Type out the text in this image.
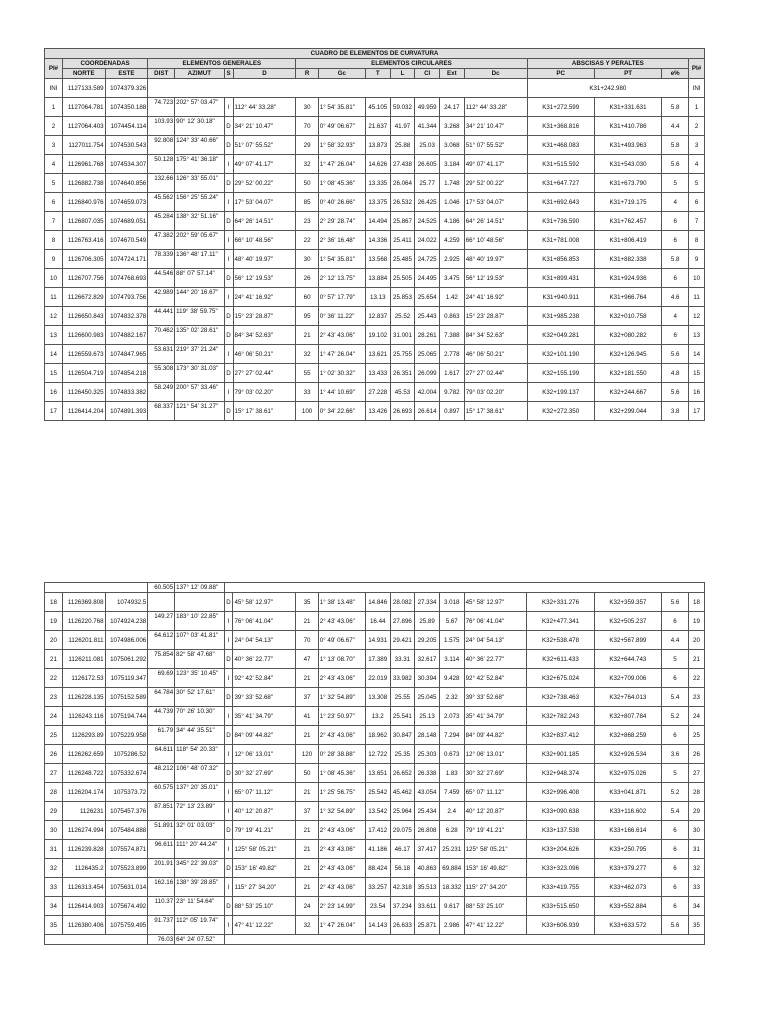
CUADRO DE ELEMENTOS DE CURVATURA																	
PI#	COORDENADAS		ELEMENTOS GENERALES				ELEMENTOS CIRCULARES							ABSCISAS Y PERALTES			PI#
	NORTE	ESTE	DIST	AZIMUT	S	D	R	Gc	T	L	Cl	Ext	Dc	PC	PT	e%	
INI	1127133.589	1074379.326												K31+242.980			INI
1	1127064.781	1074350.188	74.723	202° 57' 03.47"	I	112° 44' 33.28"	30	1° 54' 35.81"	45.105	59.032	49.959	24.17	112° 44' 33.28"	K31+272.599	K31+331.631	5.8	1
2	1127064.403	1074454.114	103.93	90° 12' 30.18"	D	34° 21' 10.47"	70	0° 49' 06.67"	21.637	41.97	41.344	3.268	34° 21' 10.47"	K31+368.816	K31+410.786	4.4	2
3	1127011.754	1074530.543	92.808	124° 33' 40.66"	D	51° 07' 55.52"	29	1° 58' 32.93"	13.873	25.88	25.03	3.068	51° 07' 55.52"	K31+468.083	K31+493.963	5.8	3
4	1126961.768	1074534.307	50.128	175° 41' 36.18"	I	49° 07' 41.17"	32	1° 47' 26.04"	14.626	27.438	26.605	3.184	49° 07' 41.17"	K31+515.592	K31+543.030	5.6	4
5	1126882.738	1074640.856	132.66	126° 33' 55.01"	D	29° 52' 00.22"	50	1° 08' 45.36"	13.335	26.064	25.77	1.748	29° 52' 00.22"	K31+647.727	K31+673.790	5	5
6	1126840.976	1074659.073	45.562	156° 25' 55.24"	I	17° 53' 04.07"	85	0° 40' 26.66"	13.375	26.532	26.425	1.046	17° 53' 04.07"	K31+692.643	K31+719.175	4	6
7	1126807.035	1074689.051	45.284	138° 32' 51.16"	D	64° 26' 14.51"	23	2° 29' 28.74"	14.494	25.867	24.525	4.186	64° 26' 14.51"	K31+736.590	K31+762.457	6	7
8	1126763.416	1074670.549	47.382	202° 59' 05.67"	I	66° 10' 48.56"	22	2° 36' 16.48"	14.336	25.411	24.022	4.259	66° 10' 48.56"	K31+781.008	K31+806.419	6	8
9	1126706.305	1074724.171	78.339	136° 48' 17.11"	I	48° 40' 19.97"	30	1° 54' 35.81"	13.568	25.485	24.725	2.925	48° 40' 19.97"	K31+856.853	K31+882.338	5.8	9
10	1126707.756	1074768.693	44.546	88° 07' 57.14"	D	56° 12' 19.53"	26	2° 12' 13.75"	13.884	25.505	24.495	3.475	56° 12' 19.53"	K31+899.431	K31+924.936	6	10
11	1126672.829	1074793.756	42.989	144° 20' 16.67"	I	24° 41' 16.92"	60	0° 57' 17.79"	13.13	25.853	25.654	1.42	24° 41' 16.92"	K31+940.911	K31+966.764	4.6	11
12	1126650.843	1074832.378	44.441	119° 38' 59.75"	D	15° 23' 28.87"	95	0° 36' 11.22"	12.837	25.52	25.443	0.863	15° 23' 28.87"	K31+985.238	K32+010.758	4	12
13	1126600.983	1074882.167	70.462	135° 02' 28.61"	D	84° 34' 52.63"	21	2° 43' 43.06"	19.102	31.001	28.261	7.388	84° 34' 52.63"	K32+049.281	K32+080.282	6	13
14	1126559.673	1074847.965	53.631	219° 37' 21.24"	I	46° 06' 50.21"	32	1° 47' 26.04"	13.621	25.755	25.065	2.778	46° 06' 50.21"	K32+101.190	K32+126.945	5.6	14
15	1126504.719	1074854.218	55.308	173° 30' 31.03"	D	27° 27' 02.44"	55	1° 02' 30.32"	13.433	26.351	26.099	1.617	27° 27' 02.44"	K32+155.199	K32+181.550	4.8	15
16	1126450.325	1074833.382	58.249	200° 57' 33.46"	I	79° 03' 02.20"	33	1° 44' 10.69"	27.228	45.53	42.004	9.782	79° 03' 02.20"	K32+199.137	K32+244.667	5.6	16
17	1126414.204	1074891.393	68.337	121° 54' 31.27"	D	15° 17' 38.61"	100	0° 34' 22.66"	13.426	26.693	26.614	0.897	15° 17' 38.61"	K32+272.350	K32+299.044	3.8	17
			60.505	137° 12' 09.88"													
18	1126369.808	1074932.5			D	45° 58' 12.97"	35	1° 38' 13.48"	14.846	28.082	27.334	3.018	45° 58' 12.97"	K32+331.276	K32+359.357	5.6	18
19	1126220.768	1074924.238	149.27	183° 10' 22.85"	I	76° 06' 41.04"	21	2° 43' 43.06"	16.44	27.896	25.89	5.67	76° 06' 41.04"	K32+477.341	K32+505.237	6	19
20	1126201.811	1074986.006	64.612	107° 03' 41.81"	I	24° 04' 54.13"	70	0° 49' 06.67"	14.931	29.421	29.205	1.575	24° 04' 54.13"	K32+538.478	K32+567.899	4.4	20
21	1126211.081	1075061.292	75.854	82° 58' 47.68"	D	40° 36' 22.77"	47	1° 13' 08.70"	17.389	33.31	32.617	3.114	40° 36' 22.77"	K32+611.433	K32+644.743	5	21
22	1126172.53	1075119.347	69.69	123° 35' 10.45"	I	92° 42' 52.84"	21	2° 43' 43.06"	22.019	33.982	30.394	9.428	92° 42' 52.84"	K32+675.024	K32+709.006	6	22
23	1126228.135	1075152.589	64.784	30° 52' 17.61"	D	39° 33' 52.68"	37	1° 32' 54.89"	13.308	25.55	25.045	2.32	39° 33' 52.68"	K32+738.463	K32+764.013	5.4	23
24	1126243.116	1075194.744	44.739	70° 26' 10.30"	I	35° 41' 34.79"	41	1° 23' 50.97"	13.2	25.541	25.13	2.073	35° 41' 34.79"	K32+782.243	K32+807.784	5.2	24
25	1126293.89	1075229.958	61.79	34° 44' 35.51"	D	84° 09' 44.82"	21	2° 43' 43.06"	18.962	30.847	28.148	7.294	84° 09' 44.82"	K32+837.412	K32+868.259	6	25
26	1126262.659	1075286.52	64.611	118° 54' 20.33"	I	12° 06' 13.01"	120	0° 28' 38.88"	12.722	25.35	25.303	0.673	12° 06' 13.01"	K32+901.185	K32+926.534	3.6	26
27	1126248.722	1075332.674	48.212	106° 48' 07.32"	D	30° 32' 27.69"	50	1° 08' 45.36"	13.651	26.652	26.338	1.83	30° 32' 27.69"	K32+948.374	K32+975.026	5	27
28	1126204.174	1075373.72	60.575	137° 20' 35.01"	I	65° 07' 11.12"	21	1° 25' 56.75"	25.542	45.462	43.054	7.459	65° 07' 11.12"	K32+996.408	K33+041.871	5.2	28
29	1126231	1075457.376	87.851	72° 13' 23.89"	I	40° 12' 20.87"	37	1° 32' 54.89"	13.542	25.964	25.434	2.4	40° 12' 20.87"	K33+090.638	K33+116.602	5.4	29
30	1126274.994	1075484.888	51.891	32° 01' 03.03"	D	79° 19' 41.21"	21	2° 43' 43.06"	17.412	29.075	26.808	6.28	79° 19' 41.21"	K33+137.538	K33+166.614	6	30
31	1126239.828	1075574.871	96.611	111° 20' 44.24"	I	125° 58' 05.21"	21	2° 43' 43.06"	41.186	46.17	37.417	25.231	125° 58' 05.21"	K33+204.626	K33+250.795	6	31
32	1126435.2	1075523.899	201.91	345° 22' 39.03"	D	153° 16' 49.82"	21	2° 43' 43.06"	88.424	56.18	40.863	69.884	153° 16' 49.82"	K33+323.096	K33+379.277	6	32
33	1126313.454	1075631.014	162.16	138° 39' 28.85"	I	115° 27' 34.20"	21	2° 43' 43.06"	33.257	42.318	35.513	18.332	115° 27' 34.20"	K33+419.755	K33+462.073	6	33
34	1126414.903	1075674.492	110.37	23° 11' 54.64"	D	88° 53' 25.10"	24	2° 23' 14.99"	23.54	37.234	33.611	9.617	88° 53' 25.10"	K33+515.650	K33+552.884	6	34
35	1126380.406	1075759.495	91.737	112° 05' 19.74"	I	47° 41' 12.22"	32	1° 47' 26.04"	14.143	26.633	25.871	2.986	47° 41' 12.22"	K33+606.939	K33+633.572	5.6	35
			76.03	64° 24' 07.52"													
